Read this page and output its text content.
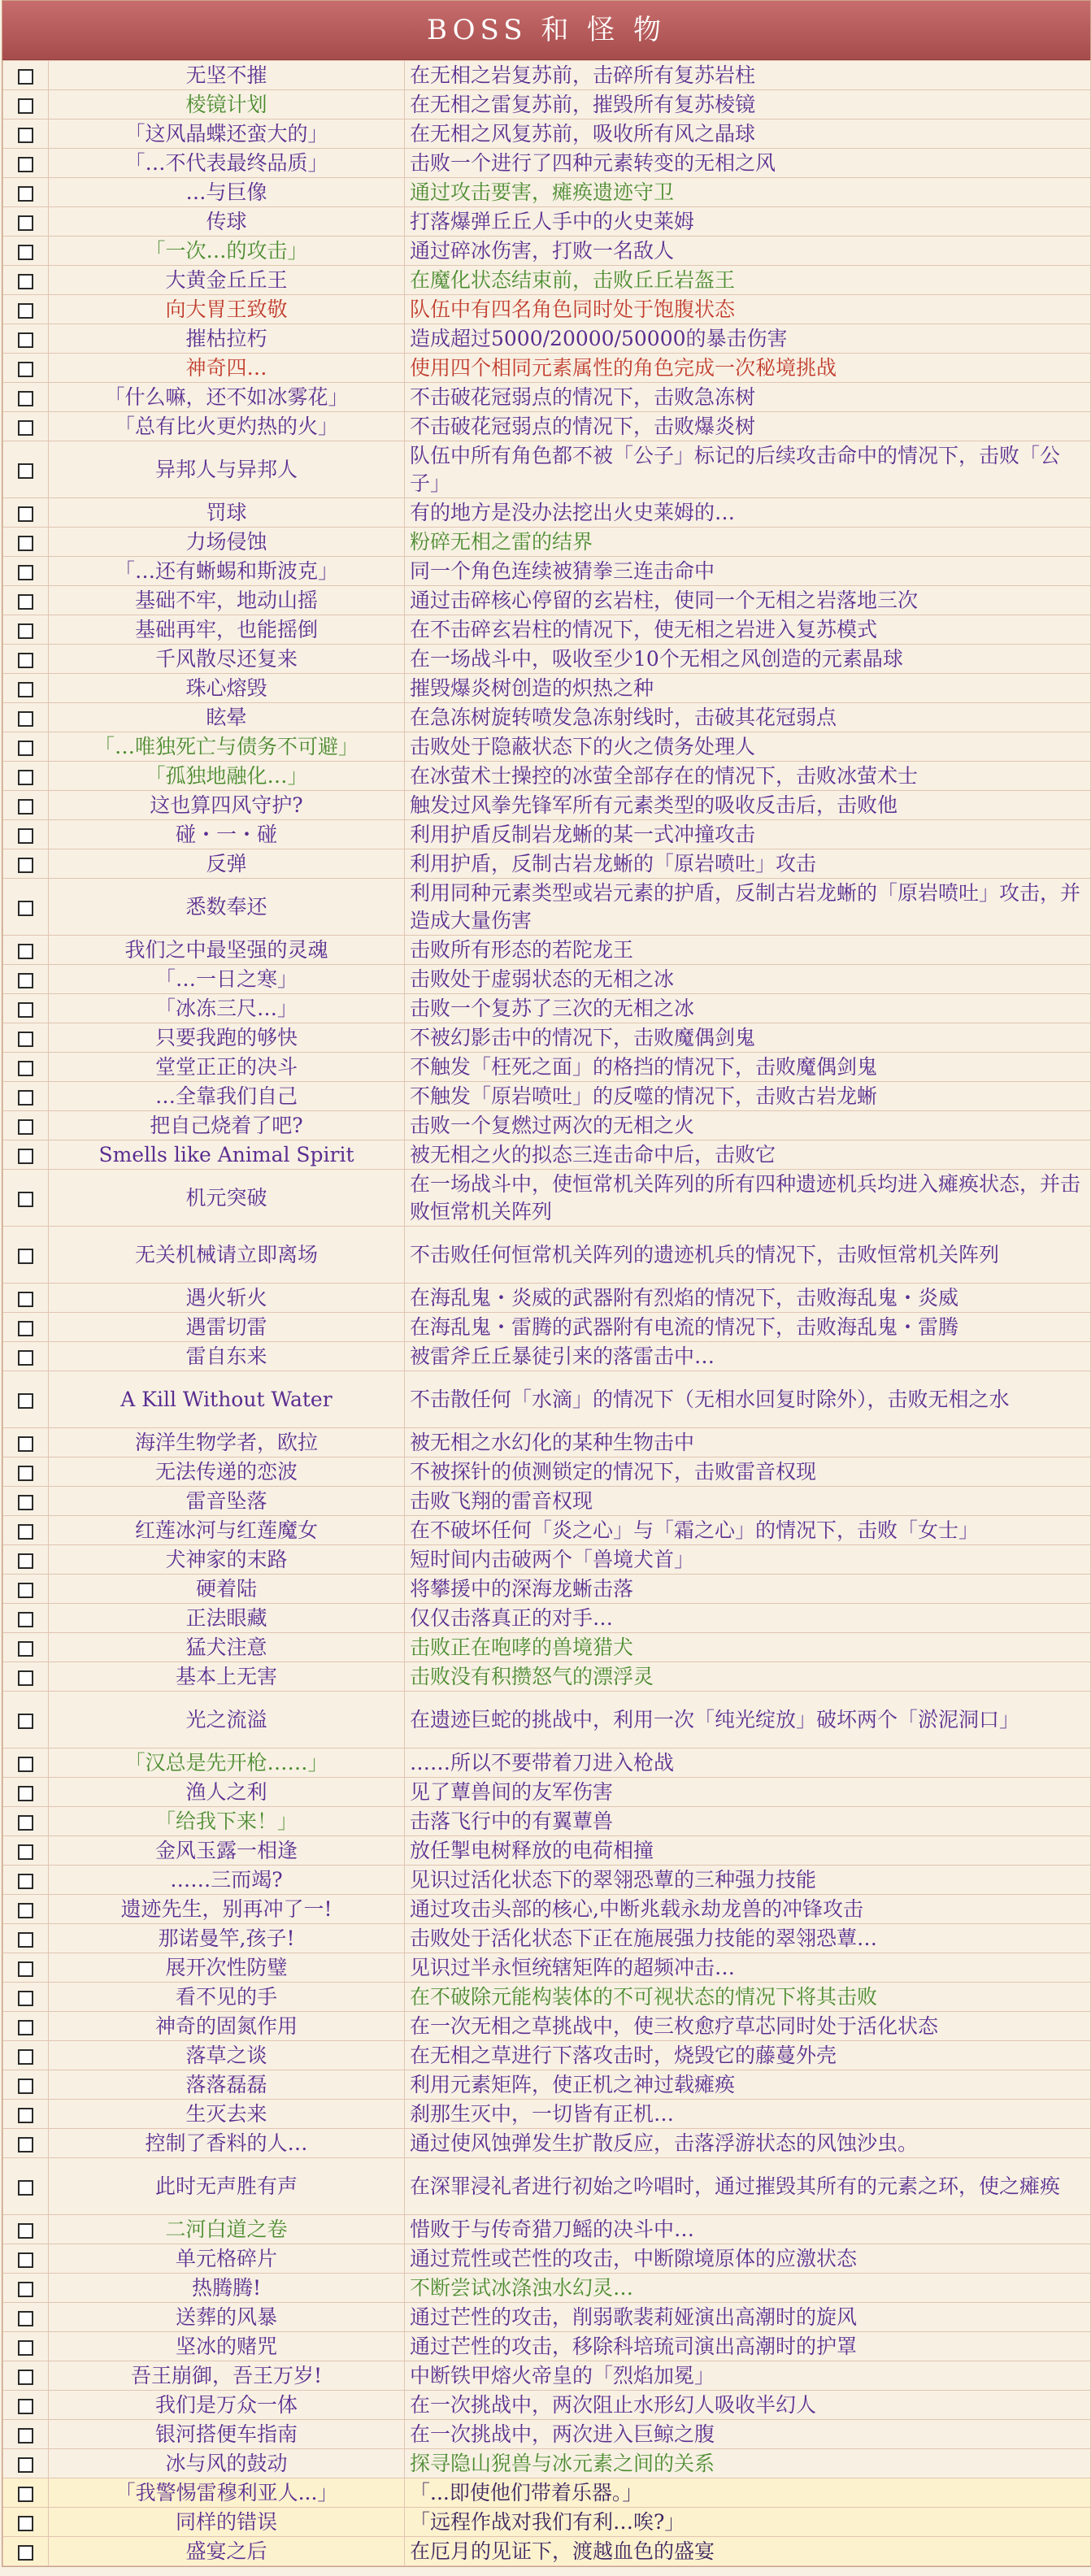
BOSS 和 怪 物
	无坚不摧	在无相之岩复苏前，击碎所有复苏岩柱
	棱镜计划	在无相之雷复苏前，摧毁所有复苏棱镜
	「这风晶蝶还蛮大的」	在无相之风复苏前，吸收所有风之晶球
	「…不代表最终品质」	击败一个进行了四种元素转变的无相之风
	…与巨像	通过攻击要害，瘫痪遗迹守卫
	传球	打落爆弹丘丘人手中的火史莱姆
	「一次…的攻击」	通过碎冰伤害，打败一名敌人
	大黄金丘丘王	在魔化状态结束前，击败丘丘岩盔王
	向大胃王致敬	队伍中有四名角色同时处于饱腹状态
	摧枯拉朽	造成超过5000/20000/50000的暴击伤害
	神奇四…	使用四个相同元素属性的角色完成一次秘境挑战
	「什么嘛，还不如冰雾花」	不击破花冠弱点的情况下，击败急冻树
	「总有比火更灼热的火」	不击破花冠弱点的情况下，击败爆炎树
	异邦人与异邦人	队伍中所有角色都不被「公子」标记的后续攻击命中的情况下，击败「公子」
	罚球	有的地方是没办法挖出火史莱姆的…
	力场侵蚀	粉碎无相之雷的结界
	「…还有蜥蜴和斯波克」	同一个角色连续被猜拳三连击命中
	基础不牢，地动山摇	通过击碎核心停留的玄岩柱，使同一个无相之岩落地三次
	基础再牢，也能摇倒	在不击碎玄岩柱的情况下，使无相之岩进入复苏模式
	千风散尽还复来	在一场战斗中，吸收至少10个无相之风创造的元素晶球
	珠心熔毁	摧毁爆炎树创造的炽热之种
	眩晕	在急冻树旋转喷发急冻射线时，击破其花冠弱点
	「…唯独死亡与债务不可避」	击败处于隐蔽状态下的火之债务处理人
	「孤独地融化…」	在冰萤术士操控的冰萤全部存在的情况下，击败冰萤术士
	这也算四风守护?	触发过风拳先锋军所有元素类型的吸收反击后，击败他
	碰・一・碰	利用护盾反制岩龙蜥的某一式冲撞攻击
	反弹	利用护盾，反制古岩龙蜥的「原岩喷吐」攻击
	悉数奉还	利用同种元素类型或岩元素的护盾，反制古岩龙蜥的「原岩喷吐」攻击，并造成大量伤害
	我们之中最坚强的灵魂	击败所有形态的若陀龙王
	「…一日之寒」	击败处于虚弱状态的无相之冰
	「冰冻三尺…」	击败一个复苏了三次的无相之冰
	只要我跑的够快	不被幻影击中的情况下，击败魔偶剑鬼
	堂堂正正的决斗	不触发「枉死之面」的格挡的情况下，击败魔偶剑鬼
	…全靠我们自己	不触发「原岩喷吐」的反噬的情况下，击败古岩龙蜥
	把自己烧着了吧?	击败一个复燃过两次的无相之火
	Smells like Animal Spirit	被无相之火的拟态三连击命中后，击败它
	机元突破	在一场战斗中，使恒常机关阵列的所有四种遗迹机兵均进入瘫痪状态，并击败恒常机关阵列
	无关机械请立即离场	不击败任何恒常机关阵列的遗迹机兵的情况下，击败恒常机关阵列
	遇火斩火	在海乱鬼・炎威的武器附有烈焰的情况下，击败海乱鬼・炎威
	遇雷切雷	在海乱鬼・雷腾的武器附有电流的情况下，击败海乱鬼・雷腾
	雷自东来	被雷斧丘丘暴徒引来的落雷击中…
	A Kill Without Water	不击散任何「水滴」的情况下（无相水回复时除外），击败无相之水
	海洋生物学者，欧拉	被无相之水幻化的某种生物击中
	无法传递的恋波	不被探针的侦测锁定的情况下，击败雷音权现
	雷音坠落	击败飞翔的雷音权现
	红莲冰河与红莲魔女	在不破坏任何「炎之心」与「霜之心」的情况下，击败「女士」
	犬神家的末路	短时间内击破两个「兽境犬首」
	硬着陆	将攀援中的深海龙蜥击落
	正法眼藏	仅仅击落真正的对手…
	猛犬注意	击败正在咆哮的兽境猎犬
	基本上无害	击败没有积攒怒气的漂浮灵
	光之流溢	在遗迹巨蛇的挑战中，利用一次「纯光绽放」破坏两个「淤泥洞口」
	「汉总是先开枪……」	……所以不要带着刀进入枪战
	渔人之利	见了蕈兽间的友军伤害
	「给我下来！」	击落飞行中的有翼蕈兽
	金风玉露一相逢	放任掣电树释放的电荷相撞
	……三而竭?	见识过活化状态下的翠翎恐蕈的三种强力技能
	遗迹先生，别再冲了一!	通过攻击头部的核心,中断兆载永劫龙兽的冲锋攻击
	那诺曼竿,孩子!	击败处于活化状态下正在施展强力技能的翠翎恐蕈…
	展开次性防璧	见识过半永恒统辖矩阵的超频冲击…
	看不见的手	在不破除元能构装体的不可视状态的情况下将其击败
	神奇的固氮作用	在一次无相之草挑战中，使三枚愈疗草芯同时处于活化状态
	落草之谈	在无相之草进行下落攻击时，烧毁它的藤蔓外壳
	落落磊磊	利用元素矩阵，使正机之神过载瘫痪
	生灭去来	刹那生灭中，一切皆有正机…
	控制了香料的人…	通过使风蚀弹发生扩散反应，击落浮游状态的风蚀沙虫。
	此时无声胜有声	在深罪浸礼者进行初始之吟唱时，通过摧毁其所有的元素之环，使之瘫痪
	二河白道之卷	惜败于与传奇猎刀鳐的决斗中…
	单元格碎片	通过荒性或芒性的攻击，中断隙境原体的应激状态
	热腾腾!	不断尝试冰涤浊水幻灵…
	送葬的风暴	通过芒性的攻击，削弱歌裴莉娅演出高潮时的旋风
	坚冰的赌咒	通过芒性的攻击，移除科培琉司演出高潮时的护罩
	吾王崩御，吾王万岁!	中断铁甲熔火帝皇的「烈焰加冕」
	我们是万众一体	在一次挑战中，两次阻止水形幻人吸收半幻人
	银河搭便车指南	在一次挑战中，两次进入巨鲸之腹
	冰与风的鼓动	探寻隐山猊兽与冰元素之间的关系
	「我警惕雷穆利亚人...」	「...即使他们带着乐器。」
	同样的错误	「远程作战对我们有利…唉?」
	盛宴之后	在厄月的见证下，渡越血色的盛宴
